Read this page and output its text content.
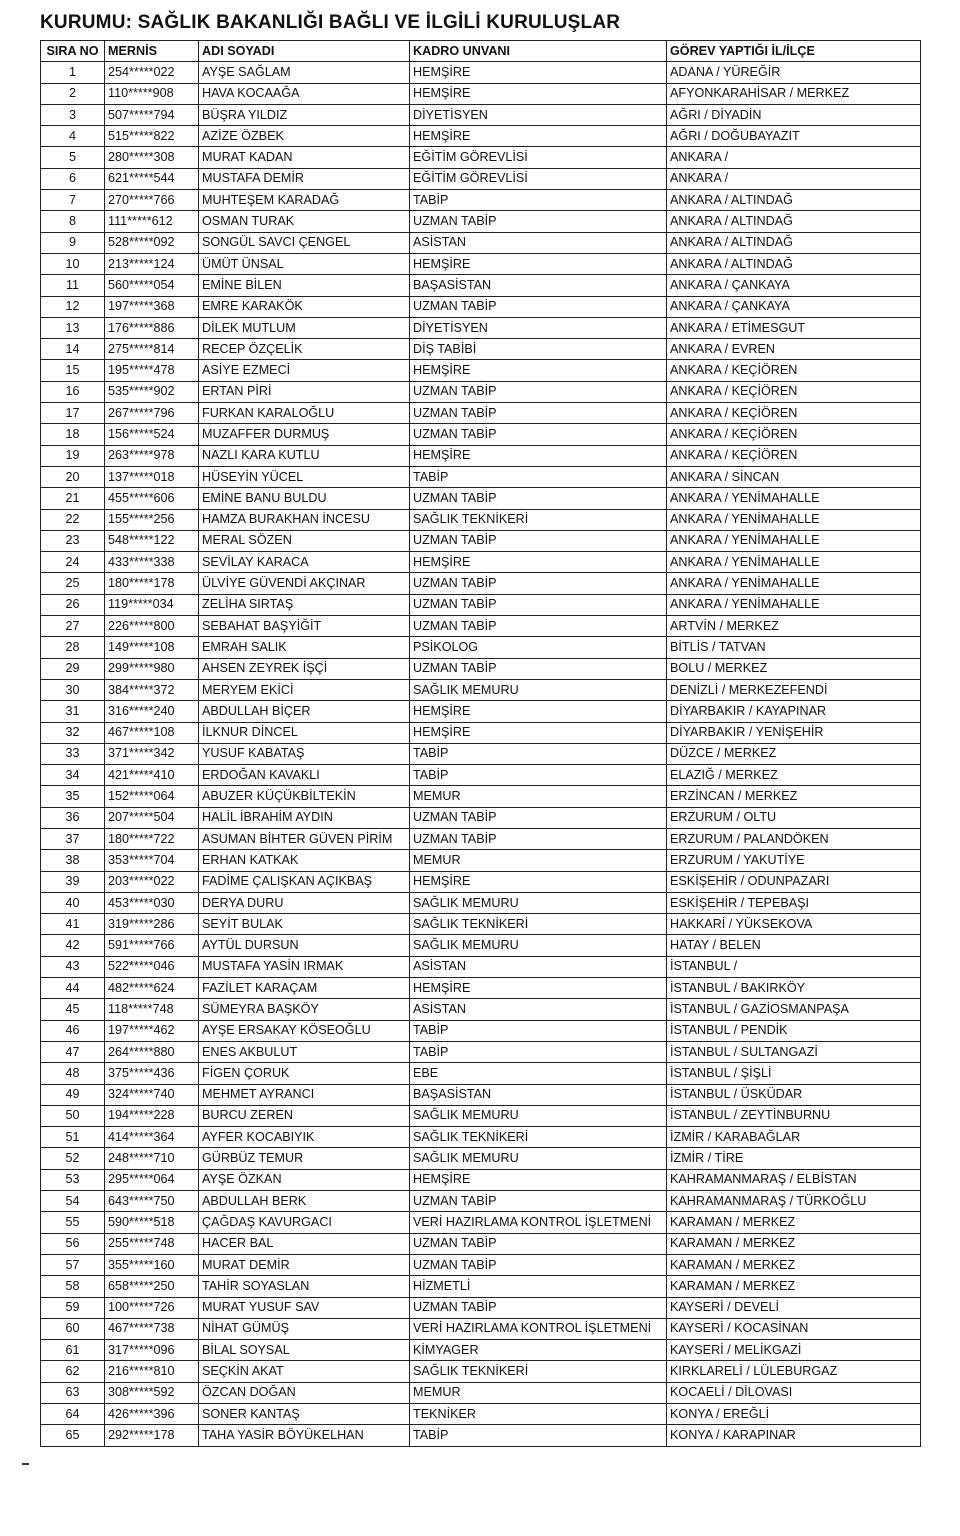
KURUMU: SAĞLIK BAKANLIĞI BAĞLI VE İLGİLİ KURULUŞLAR
SIRA NO	MERNİS	ADI SOYADI	KADRO UNVANI	GÖREV YAPTIĞI İL/İLÇE
1	254*****022	AYŞE SAĞLAM	HEMŞİRE	ADANA / YÜREĞİR
2	110*****908	HAVA KOCAAĞA	HEMŞİRE	AFYONKARAHİSAR / MERKEZ
3	507*****794	BÜŞRA YILDIZ	DİYETİSYEN	AĞRI / DİYADİN
4	515*****822	AZİZE ÖZBEK	HEMŞİRE	AĞRI / DOĞUBAYAZIT
5	280*****308	MURAT KADAN	EĞİTİM GÖREVLİSİ	ANKARA /
6	621*****544	MUSTAFA DEMİR	EĞİTİM GÖREVLİSİ	ANKARA /
7	270*****766	MUHTEŞEM KARADAĞ	TABİP	ANKARA / ALTINDAĞ
8	111*****612	OSMAN TURAK	UZMAN TABİP	ANKARA / ALTINDAĞ
9	528*****092	SONGÜL SAVCI ÇENGEL	ASİSTAN	ANKARA / ALTINDAĞ
10	213*****124	ÜMÜT ÜNSAL	HEMŞİRE	ANKARA / ALTINDAĞ
11	560*****054	EMİNE BİLEN	BAŞASİSTAN	ANKARA / ÇANKAYA
12	197*****368	EMRE KARAKÖK	UZMAN TABİP	ANKARA / ÇANKAYA
13	176*****886	DİLEK MUTLUM	DİYETİSYEN	ANKARA / ETİMESGUT
14	275*****814	RECEP ÖZÇELİK	DİŞ TABİBİ	ANKARA / EVREN
15	195*****478	ASİYE EZMECİ	HEMŞİRE	ANKARA / KEÇİÖREN
16	535*****902	ERTAN PİRİ	UZMAN TABİP	ANKARA / KEÇİÖREN
17	267*****796	FURKAN KARALOĞLU	UZMAN TABİP	ANKARA / KEÇİÖREN
18	156*****524	MUZAFFER DURMUŞ	UZMAN TABİP	ANKARA / KEÇİÖREN
19	263*****978	NAZLI KARA KUTLU	HEMŞİRE	ANKARA / KEÇİÖREN
20	137*****018	HÜSEYİN YÜCEL	TABİP	ANKARA / SİNCAN
21	455*****606	EMİNE BANU BULDU	UZMAN TABİP	ANKARA / YENİMAHALLE
22	155*****256	HAMZA BURAKHAN İNCESU	SAĞLIK TEKNİKERİ	ANKARA / YENİMAHALLE
23	548*****122	MERAL SÖZEN	UZMAN TABİP	ANKARA / YENİMAHALLE
24	433*****338	SEVİLAY KARACA	HEMŞİRE	ANKARA / YENİMAHALLE
25	180*****178	ÜLVİYE GÜVENDİ AKÇINAR	UZMAN TABİP	ANKARA / YENİMAHALLE
26	119*****034	ZELİHA SIRTAŞ	UZMAN TABİP	ANKARA / YENİMAHALLE
27	226*****800	SEBAHAT BAŞYİĞİT	UZMAN TABİP	ARTVİN / MERKEZ
28	149*****108	EMRAH SALIK	PSİKOLOG	BİTLİS / TATVAN
29	299*****980	AHSEN ZEYREK İŞÇİ	UZMAN TABİP	BOLU / MERKEZ
30	384*****372	MERYEM EKİCİ	SAĞLIK MEMURU	DENİZLİ / MERKEZEFENDİ
31	316*****240	ABDULLAH BİÇER	HEMŞİRE	DİYARBAKIR / KAYAPINAR
32	467*****108	İLKNUR DİNCEL	HEMŞİRE	DİYARBAKIR / YENİŞEHİR
33	371*****342	YUSUF KABATAŞ	TABİP	DÜZCE / MERKEZ
34	421*****410	ERDOĞAN KAVAKLI	TABİP	ELAZIĞ / MERKEZ
35	152*****064	ABUZER KÜÇÜKBİLTEKİN	MEMUR	ERZİNCAN / MERKEZ
36	207*****504	HALİL İBRAHİM AYDIN	UZMAN TABİP	ERZURUM / OLTU
37	180*****722	ASUMAN BİHTER GÜVEN PİRİM	UZMAN TABİP	ERZURUM / PALANDÖKEN
38	353*****704	ERHAN KATKAK	MEMUR	ERZURUM / YAKUTİYE
39	203*****022	FADİME ÇALIŞKAN AÇIKBAŞ	HEMŞİRE	ESKİŞEHİR / ODUNPAZARI
40	453*****030	DERYA DURU	SAĞLIK MEMURU	ESKİŞEHİR / TEPEBAŞI
41	319*****286	SEYİT BULAK	SAĞLIK TEKNİKERİ	HAKKARİ / YÜKSEKOVA
42	591*****766	AYTÜL DURSUN	SAĞLIK MEMURU	HATAY / BELEN
43	522*****046	MUSTAFA YASİN IRMAK	ASİSTAN	İSTANBUL /
44	482*****624	FAZİLET KARAÇAM	HEMŞİRE	İSTANBUL / BAKIRKÖY
45	118*****748	SÜMEYRA BAŞKÖY	ASİSTAN	İSTANBUL / GAZİOSMANPAŞA
46	197*****462	AYŞE ERSAKAY KÖSEOĞLU	TABİP	İSTANBUL / PENDİK
47	264*****880	ENES AKBULUT	TABİP	İSTANBUL / SULTANGAZİ
48	375*****436	FİGEN ÇORUK	EBE	İSTANBUL / ŞİŞLİ
49	324*****740	MEHMET AYRANCI	BAŞASİSTAN	İSTANBUL / ÜSKÜDAR
50	194*****228	BURCU ZEREN	SAĞLIK MEMURU	İSTANBUL / ZEYTİNBURNU
51	414*****364	AYFER KOCABIYIK	SAĞLIK TEKNİKERİ	İZMİR / KARABAĞLAR
52	248*****710	GÜRBÜZ TEMUR	SAĞLIK MEMURU	İZMİR / TİRE
53	295*****064	AYŞE ÖZKAN	HEMŞİRE	KAHRAMANMARAŞ / ELBİSTAN
54	643*****750	ABDULLAH BERK	UZMAN TABİP	KAHRAMANMARAŞ / TÜRKOĞLU
55	590*****518	ÇAĞDAŞ KAVURGACI	VERİ HAZIRLAMA KONTROL İŞLETMENİ	KARAMAN / MERKEZ
56	255*****748	HACER BAL	UZMAN TABİP	KARAMAN / MERKEZ
57	355*****160	MURAT DEMİR	UZMAN TABİP	KARAMAN / MERKEZ
58	658*****250	TAHİR SOYASLAN	HİZMETLİ	KARAMAN / MERKEZ
59	100*****726	MURAT YUSUF SAV	UZMAN TABİP	KAYSERİ / DEVELİ
60	467*****738	NİHAT GÜMÜŞ	VERİ HAZIRLAMA KONTROL İŞLETMENİ	KAYSERİ / KOCASİNAN
61	317*****096	BİLAL SOYSAL	KİMYAGER	KAYSERİ / MELİKGAZİ
62	216*****810	SEÇKİN AKAT	SAĞLIK TEKNİKERİ	KIRKLARELİ / LÜLEBURGAZ
63	308*****592	ÖZCAN DOĞAN	MEMUR	KOCAELİ / DİLOVASI
64	426*****396	SONER KANTAŞ	TEKNİKER	KONYA / EREĞLİ
65	292*****178	TAHA YASİR BÖYÜKELHAN	TABİP	KONYA / KARAPINAR
